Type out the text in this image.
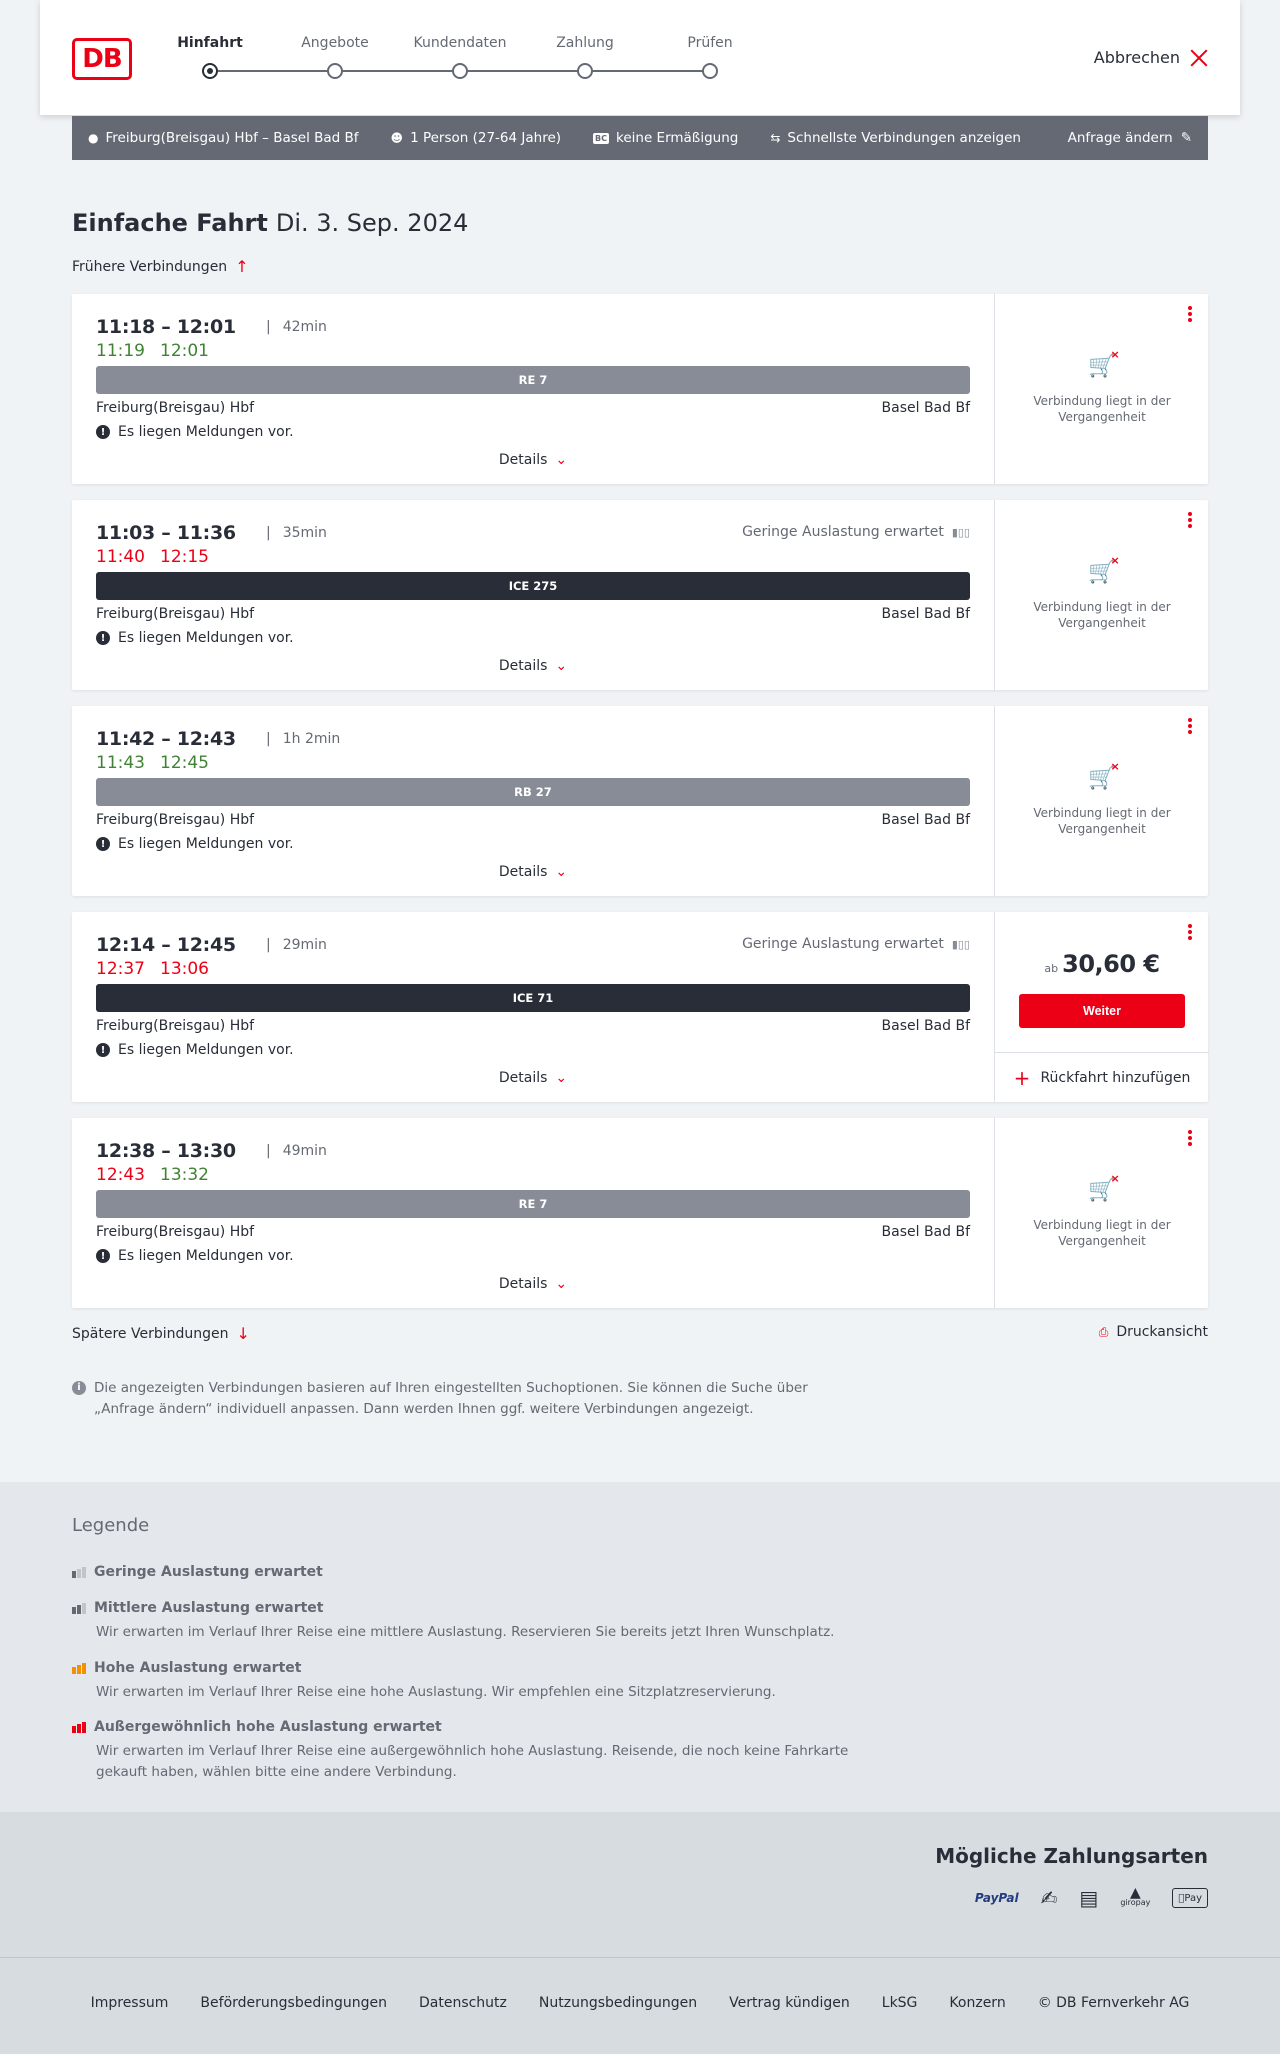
DB
Hinfahrt	Angebote	Kundendaten	Zahlung	Prüfen
Abbrechen
● Freiburg(Breisgau) Hbf – Basel Bad Bf	☻ 1 Person (27-64 Jahre)	BC keine Ermäßigung	⇆ Schnellste Verbindungen anzeigen	Anfrage ändern ✎
Einfache Fahrt Di. 3. Sep. 2024
Frühere Verbindungen ↑
11:18 – 12:01	| 42min
11:19 12:01
RE 7
Freiburg(Breisgau) Hbf	Basel Bad Bf
! Es liegen Meldungen vor.
Details ⌄
🛒 ×
Verbindung liegt in der Vergangenheit
11:03 – 11:36	| 35min
11:40 12:15
Geringe Auslastung erwartet ▮▯▯
ICE 275
Freiburg(Breisgau) Hbf	Basel Bad Bf
! Es liegen Meldungen vor.
Details ⌄
🛒 ×
Verbindung liegt in der Vergangenheit
11:42 – 12:43	| 1h 2min
11:43 12:45
RB 27
Freiburg(Breisgau) Hbf	Basel Bad Bf
! Es liegen Meldungen vor.
Details ⌄
🛒 ×
Verbindung liegt in der Vergangenheit
12:14 – 12:45	| 29min
12:37 13:06
Geringe Auslastung erwartet ▮▯▯
ICE 71
Freiburg(Breisgau) Hbf	Basel Bad Bf
! Es liegen Meldungen vor.
Details ⌄
ab 30,60 €
Weiter
+ Rückfahrt hinzufügen
12:38 – 13:30	| 49min
12:43 13:32
RE 7
Freiburg(Breisgau) Hbf	Basel Bad Bf
! Es liegen Meldungen vor.
Details ⌄
🛒 ×
Verbindung liegt in der Vergangenheit
Spätere Verbindungen ↓	⎙ Druckansicht
i Die angezeigten Verbindungen basieren auf Ihren eingestellten Suchoptionen. Sie können die Suche über „Anfrage ändern“ individuell anpassen. Dann werden Ihnen ggf. weitere Verbindungen angezeigt.
Legende
Geringe Auslastung erwartet
Mittlere Auslastung erwartet
Wir erwarten im Verlauf Ihrer Reise eine mittlere Auslastung. Reservieren Sie bereits jetzt Ihren Wunschplatz.
Hohe Auslastung erwartet
Wir erwarten im Verlauf Ihrer Reise eine hohe Auslastung. Wir empfehlen eine Sitzplatzreservierung.
Außergewöhnlich hohe Auslastung erwartet
Wir erwarten im Verlauf Ihrer Reise eine außergewöhnlich hohe Auslastung. Reisende, die noch keine Fahrkarte gekauft haben, wählen bitte eine andere Verbindung.
Mögliche Zahlungsarten
PayPal	✍	▤	▲
giropay	Pay
Impressum Beförderungsbedingungen Datenschutz Nutzungsbedingungen Vertrag kündigen LkSG Konzern © DB Fernverkehr AG
